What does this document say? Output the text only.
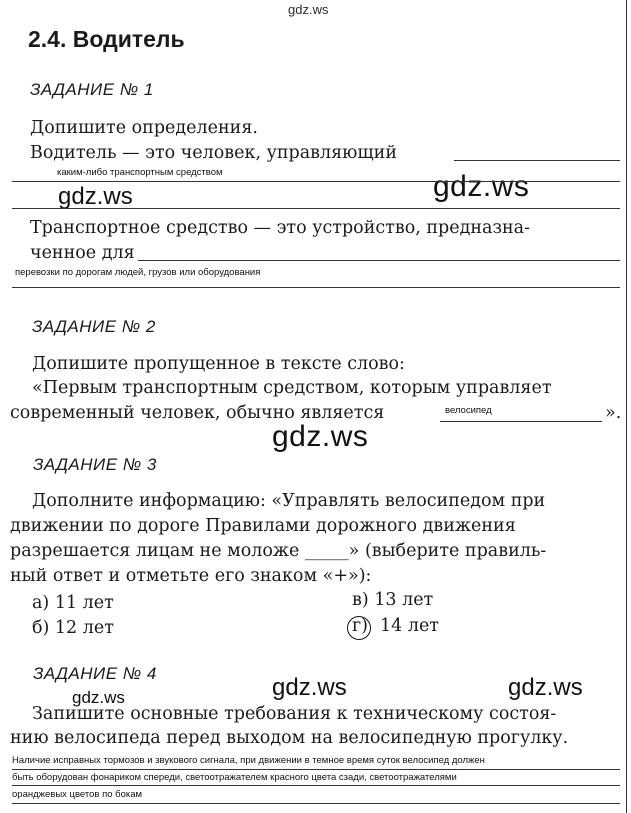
gdz.ws
gdz.ws
gdz.ws
gdz.ws
gdz.ws	gdz.ws
gdz.ws
2.4. Водитель
ЗАДАНИЕ № 1
Допишите определения.
Водитель — это человек, управляющий
каким-либо транспортным средством
Транспортное средство — это устройство, предназна-
ченное для
перевозки по дорогам людей, грузов или оборудования
ЗАДАНИЕ № 2
Допишите пропущенное в тексте слово:
«Первым транспортным средством, которым управляет
современный человек, обычно является	велосипед	».
ЗАДАНИЕ № 3
Дополните информацию: «Управлять велосипедом при
движении по дороге Правилами дорожного движения
разрешается лицам не моложе _____» (выберите правиль-
ный ответ и отметьте его знаком «+»):
а) 11 лет
б) 12 лет
в) 13 лет
г) 14 лет
ЗАДАНИЕ № 4
Запишите основные требования к техническому состоя-
нию велосипеда перед выходом на велосипедную прогулку.
Наличие исправных тормозов и звукового сигнала, при движении в темное время суток велосипед должен
быть оборудован фонариком спереди, светоотражателем красного цвета сзади, светоотражателями
оранджевых цветов по бокам
